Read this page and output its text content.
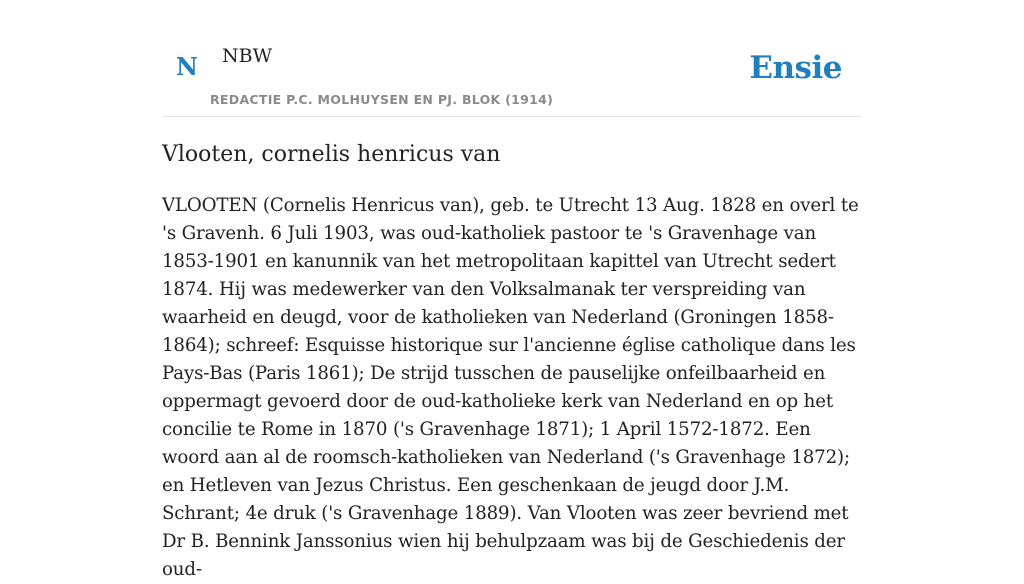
N NBW
REDACTIE P.C. MOLHUYSEN EN PJ. BLOK (1914)
Ensie
Vlooten, cornelis henricus van

VLOOTEN (Cornelis Henricus van), geb. te Utrecht 13 Aug. 1828 en overl te 's Gravenh. 6 Juli 1903, was oud-katholiek pastoor te 's Gravenhage van 1853-1901 en kanunnik van het metropolitaan kapittel van Utrecht sedert 1874. Hij was medewerker van den Volksalmanak ter verspreiding van waarheid en deugd, voor de katholieken van Nederland (Groningen 1858-1864); schreef: Esquisse historique sur l'ancienne église catholique dans les Pays-Bas (Paris 1861); De strijd tusschen de pauselijke onfeilbaarheid en oppermagt gevoerd door de oud-katholieke kerk van Nederland en op het concilie te Rome in 1870 ('s Gravenhage 1871); 1 April 1572-1872. Een woord aan al de roomsch-katholieken van Nederland ('s Gravenhage 1872); en Hetleven van Jezus Christus. Een geschenkaan de jeugd door J.M. Schrant; 4e druk ('s Gravenhage 1889). Van Vlooten was zeer bevriend met Dr B. Bennink Janssonius wien hij behulpzaam was bij de Geschiedenis der oud-
